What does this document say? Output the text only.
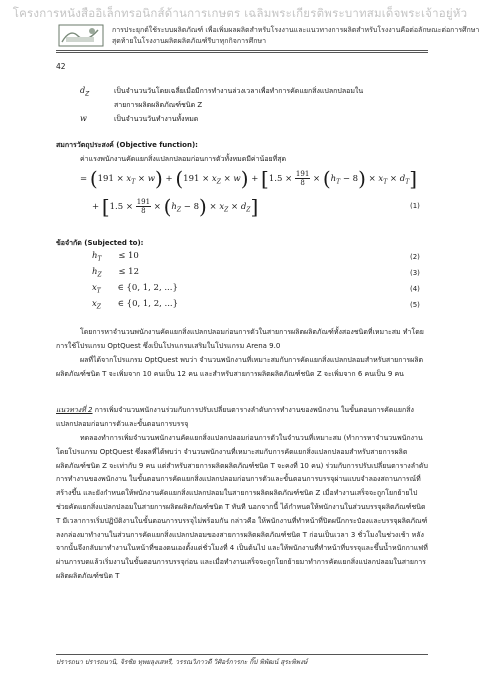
โครงการหนังสืออิเล็กทรอนิกส์ด้านการเกษตร เฉลิมพระเกียรติพระบาทสมเด็จพระเจ้าอยู่หัว
การประยุกต์ใช้ระบบผลิตภัณฑ์ เพื่อเพิ่มผลผลิตสำหรับโรงงานและแนวทางการผลิตสำหรับโรงงานคือต่อลักษณะต่อการศึกษา
สุดท้ายในโรงงานผลิตผลิตภัณฑ์รีบาทุกกิจการศึกษา
42
$d_Z$	เป็นจำนวนวันโดยเฉลี่ยเมื่อมีการทำงานล่วงเวลาเพื่อทำการคัดแยกสิ่งแปลกปลอมใน
สายการผลิตผลิตภัณฑ์ชนิด Z
w	เป็นจำนวนวันทำงานทั้งหมด
สมการวัตถุประสงค์ (Objective function):
ค่าแรงพนักงานคัดแยกสิ่งแปลกปลอมก่อนการตัวทั้งหมดมีค่าน้อยที่สุด
= $(191 \times x_T \times w) + (191 \times x_Z \times w) + [1.5 \times \frac{191}{8} \times (h_T - 8) \times x_T \times d_T]$
+ $[1.5 \times \frac{191}{8} \times (h_Z - 8) \times x_Z \times d_Z]$	(1)
ข้อจำกัด (Subjected to):
$h_T \le 10$	(2)
$h_Z \le 12$	(3)
$x_T$ ∈ {0, 1, 2, ...}	(4)
$x_Z$ ∈ {0, 1, 2, ...}	(5)
โดยการหาจำนวนพนักงานคัดแยกสิ่งแปลกปลอมก่อนการตัวในสายการผลิตผลิตภัณฑ์ทั้งสองชนิดที่เหมาะสม ทำโดยการใช้โปรแกรม OptQuest ซึ่งเป็นโปรแกรมเสริมในโปรแกรม Arena 9.0
ผลที่ได้จากโปรแกรม OptQuest พบว่า จำนวนพนักงานที่เหมาะสมกับการคัดแยกสิ่งแปลกปลอมสำหรับสายการผลิตผลิตภัณฑ์ชนิด T จะเพิ่มจาก 10 คนเป็น 12 คน และสำหรับสายการผลิตผลิตภัณฑ์ชนิด Z จะเพิ่มจาก 6 คนเป็น 9 คน
แนวทางที่ 2 การเพิ่มจำนวนพนักงานร่วมกับการปรับเปลี่ยนตารางลำดับการทำงานของพนักงาน ในขั้นตอนการคัดแยกสิ่งแปลกปลอมก่อนการตัวและขั้นตอนการบรรจุ
ทดลองทำการเพิ่มจำนวนพนักงานคัดแยกสิ่งแปลกปลอมก่อนการตัวในจำนวนที่เหมาะสม (ทำการหาจำนวนพนักงานโดยโปรแกรม OptQuest ซึ่งผลที่ได้พบว่า จำนวนพนักงานที่เหมาะสมกับการคัดแยกสิ่งแปลกปลอมสำหรับสายการผลิตผลิตภัณฑ์ชนิด Z จะเท่ากับ 9 คน แต่สำหรับสายการผลิตผลิตภัณฑ์ชนิด T จะคงที่ 10 คน) ร่วมกับการปรับเปลี่ยนตารางลำดับการทำงานของพนักงาน ในขั้นตอนการคัดแยกสิ่งแปลกปลอมก่อนการตัวและขั้นตอนการบรรจุผ่านแบบจำลองสถานการณ์ที่สร้างขึ้น และยังกำหนดให้พนักงานคัดแยกสิ่งแปลกปลอมในสายการผลิตผลิตภัณฑ์ชนิด Z เมื่อทำงานเสร็จจะถูกโยกย้ายไปช่วยคัดแยกสิ่งแปลกปลอมในสายการผลิตผลิตภัณฑ์ชนิด T ทันที นอกจากนี้ ได้กำหนดให้พนักงานในส่วนบรรจุผลิตภัณฑ์ชนิด T มีเวลาการเริ่มปฏิบัติงานในขั้นตอนการบรรจุไม่พร้อมกัน กล่าวคือ ให้พนักงานที่ทำหน้าที่ปิดผนึกกระป๋องและบรรจุผลิตภัณฑ์ลงกล่องมาทำงานในส่วนการคัดแยกสิ่งแปลกปลอมของสายการผลิตผลิตภัณฑ์ชนิด T ก่อนเป็นเวลา 3 ชั่วโมงในช่วงเช้า หลังจากนั้นจึงกลับมาทำงานในหน้าที่ของตนเองตั้งแต่ชั่วโมงที่ 4 เป็นต้นไป และให้พนักงานที่ทำหน้าที่บรรจุและขึ้นน้ำหนักกาแฟที่ผ่านการบดแล้วเริ่มงานในขั้นตอนการบรรจุก่อน และเมื่อทำงานเสร็จจะถูกโยกย้ายมาทำการคัดแยกสิ่งแปลกปลอมในสายการผลิตผลิตภัณฑ์ชนิด T
ปรารถนา ปรารถนานิ, จิรชัย ทุพยลุงเสหรี, วรรณวิภาวดี วิศิอร์การกะ กิ๊ป พิพัฒน์ สุระพิพงษ์
